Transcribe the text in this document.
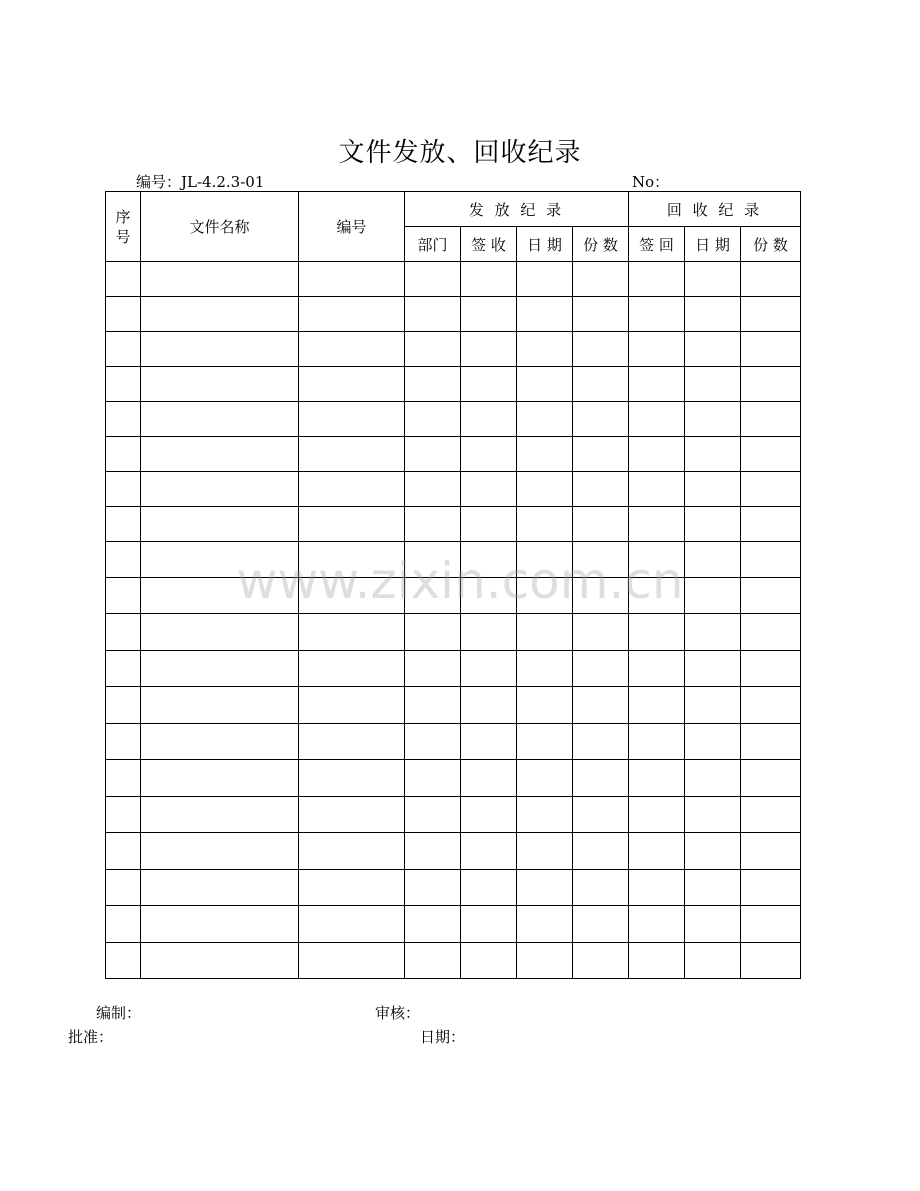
文件发放、回收纪录
编号：JL-4.2.3-01	No：
序
号	文件名称	编号	发 放 纪 录				回 收 纪 录		
			部门	签 收	日 期	份 数	签 回	日 期	份 数

编制：	审核：
批准：	日期：
www.zixin.com.cn
